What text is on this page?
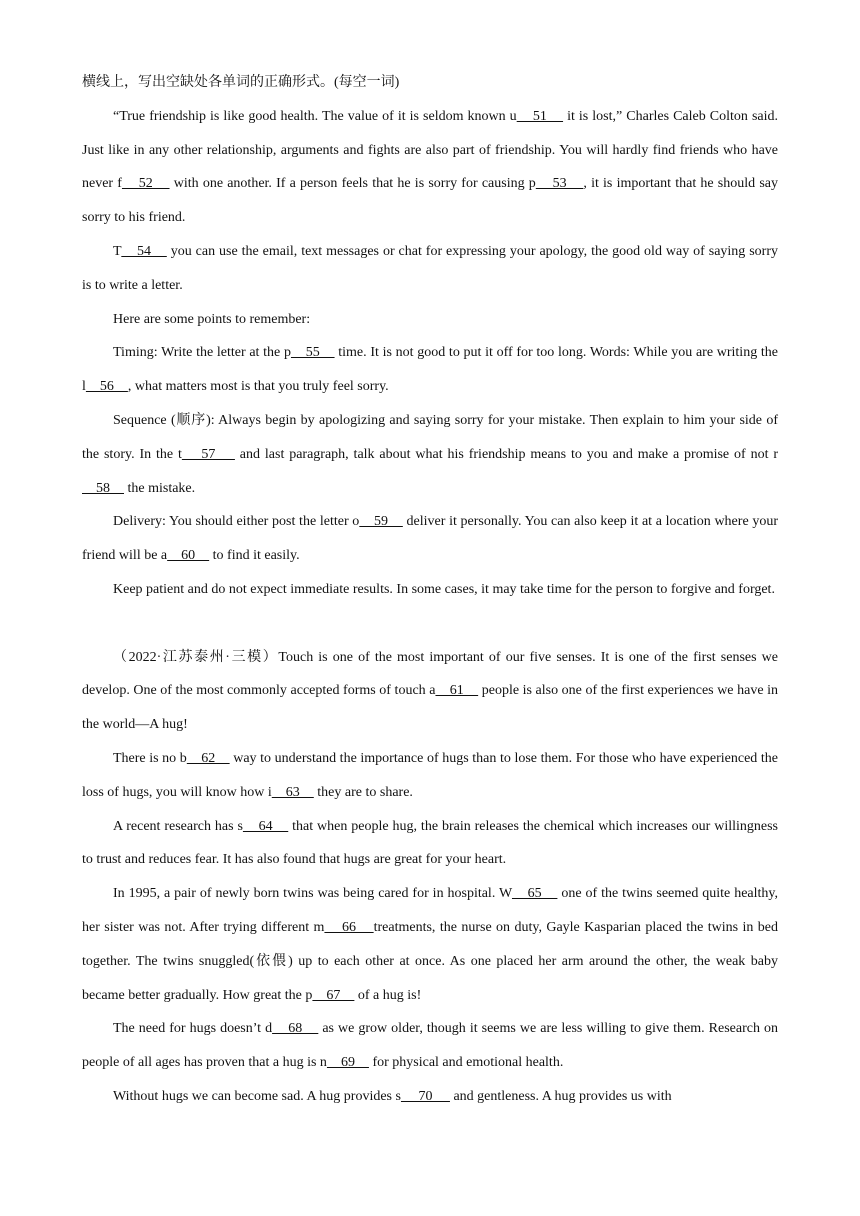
横线上，写出空缺处各单词的正确形式。(每空一词)

“True friendship is like good health. The value of it is seldom known u    51     it is lost,” Charles Caleb Colton said. Just like in any other relationship, arguments and fights are also part of friendship. You will hardly find friends who have never f    52     with one another. If a person feels that he is sorry for causing p    53    , it is important that he should say sorry to his friend.

T    54     you can use the email, text messages or chat for expressing your apology, the good old way of saying sorry is to write a letter.

Here are some points to remember:

Timing: Write the letter at the p    55     time. It is not good to put it off for too long. Words: While you are writing the l    56    , what matters most is that you truly feel sorry.

Sequence (顺序): Always begin by apologizing and saying sorry for your mistake. Then explain to him your side of the story. In the t    57     and last paragraph, talk about what his friendship means to you and make a promise of not r    58     the mistake.

Delivery: You should either post the letter o    59     deliver it personally. You can also keep it at a location where your friend will be a    60     to find it easily.

Keep patient and do not expect immediate results. In some cases, it may take time for the person to forgive and forget.

（2022·江苏泰州·三模）Touch is one of the most important of our five senses. It is one of the first senses we develop. One of the most commonly accepted forms of touch a    61     people is also one of the first experiences we have in the world—A hug!

There is no b    62     way to understand the importance of hugs than to lose them. For those who have experienced the loss of hugs, you will know how i    63     they are to share.

A recent research has s    64     that when people hug, the brain releases the chemical which increases our willingness to trust and reduces fear. It has also found that hugs are great for your heart.

In 1995, a pair of newly born twins was being cared for in hospital. W    65     one of the twins seemed quite healthy, her sister was not. After trying different m    66    treatments, the nurse on duty, Gayle Kasparian placed the twins in bed together. The twins snuggled(依偎) up to each other at once. As one placed her arm around the other, the weak baby became better gradually. How great the p    67     of a hug is!

The need for hugs doesn’t d    68     as we grow older, though it seems we are less willing to give them. Research on people of all ages has proven that a hug is n    69     for physical and emotional health.

Without hugs we can become sad. A hug provides s     70      and gentleness. A hug provides us with
